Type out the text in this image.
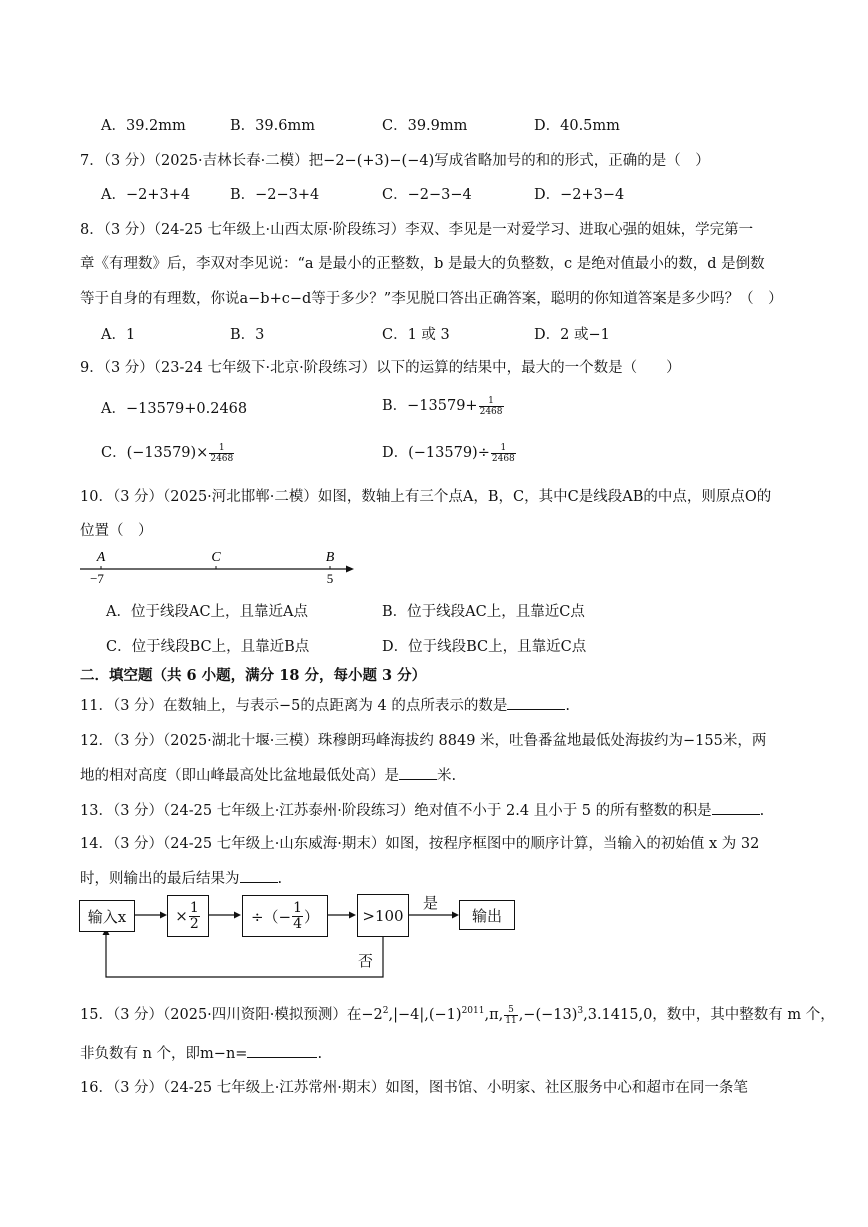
A．39.2mm	B．39.6mm	C．39.9mm	D．40.5mm
7．（3 分）（2025·吉林长春·二模）把−2−(+3)−(−4)写成省略加号的和的形式，正确的是（　）
A．−2+3+4	B．−2−3+4	C．−2−3−4	D．−2+3−4
8．（3 分）（24-25 七年级上·山西太原·阶段练习）李双、李见是一对爱学习、进取心强的姐妹，学完第一
章《有理数》后，李双对李见说：“a 是最小的正整数，b 是最大的负整数，c 是绝对值最小的数，d 是倒数
等于自身的有理数，你说a−b+c−d等于多少？”李见脱口答出正确答案，聪明的你知道答案是多少吗？（　）
A．1	B．3	C．1 或 3	D．2 或−1
9．（3 分）（23-24 七年级下·北京·阶段练习）以下的运算的结果中，最大的一个数是（　　）
A．−13579+0.2468	B．$-13579+ \frac{1}{2468}$
C．$(-13579)\times \frac{1}{2468}$	D．$(-13579)\div \frac{1}{2468}$
10．（3 分）（2025·河北邯郸·二模）如图，数轴上有三个点A，B，C，其中C是线段AB的中点，则原点O的
位置（　）
A	C	B
−7	5
A．位于线段AC上，且靠近A点	B．位于线段AC上，且靠近C点
C．位于线段BC上，且靠近B点	D．位于线段BC上，且靠近C点
二．填空题（共 6 小题，满分 18 分，每小题 3 分）
11．（3 分）在数轴上，与表示−5的点距离为 4 的点所表示的数是	.
12．（3 分）（2025·湖北十堰·三模）珠穆朗玛峰海拔约 8849 米，吐鲁番盆地最低处海拔约为−155米，两
地的相对高度（即山峰最高处比盆地最低处高）是	米.
13．（3 分）（24-25 七年级上·江苏泰州·阶段练习）绝对值不小于 2.4 且小于 5 的所有整数的积是	.
14．（3 分）（24-25 七年级上·山东威海·期末）如图，按程序框图中的顺序计算，当输入的初始值 x 为 32
时，则输出的最后结果为	.
输入x	× $\frac{1}{2}$	÷（− $\frac{1}{4}$ ）	>100
是
输出
否
15．（3 分）（2025·四川资阳·模拟预测）在$-2^2,|-4|,(-1)^{2011},\pi$, $\frac{5}{11} ,-(-13)^3,3.1415,0$，数中，其中整数有 m 个，
非负数有 n 个，即m−n=	.
16．（3 分）（24-25 七年级上·江苏常州·期末）如图，图书馆、小明家、社区服务中心和超市在同一条笔
